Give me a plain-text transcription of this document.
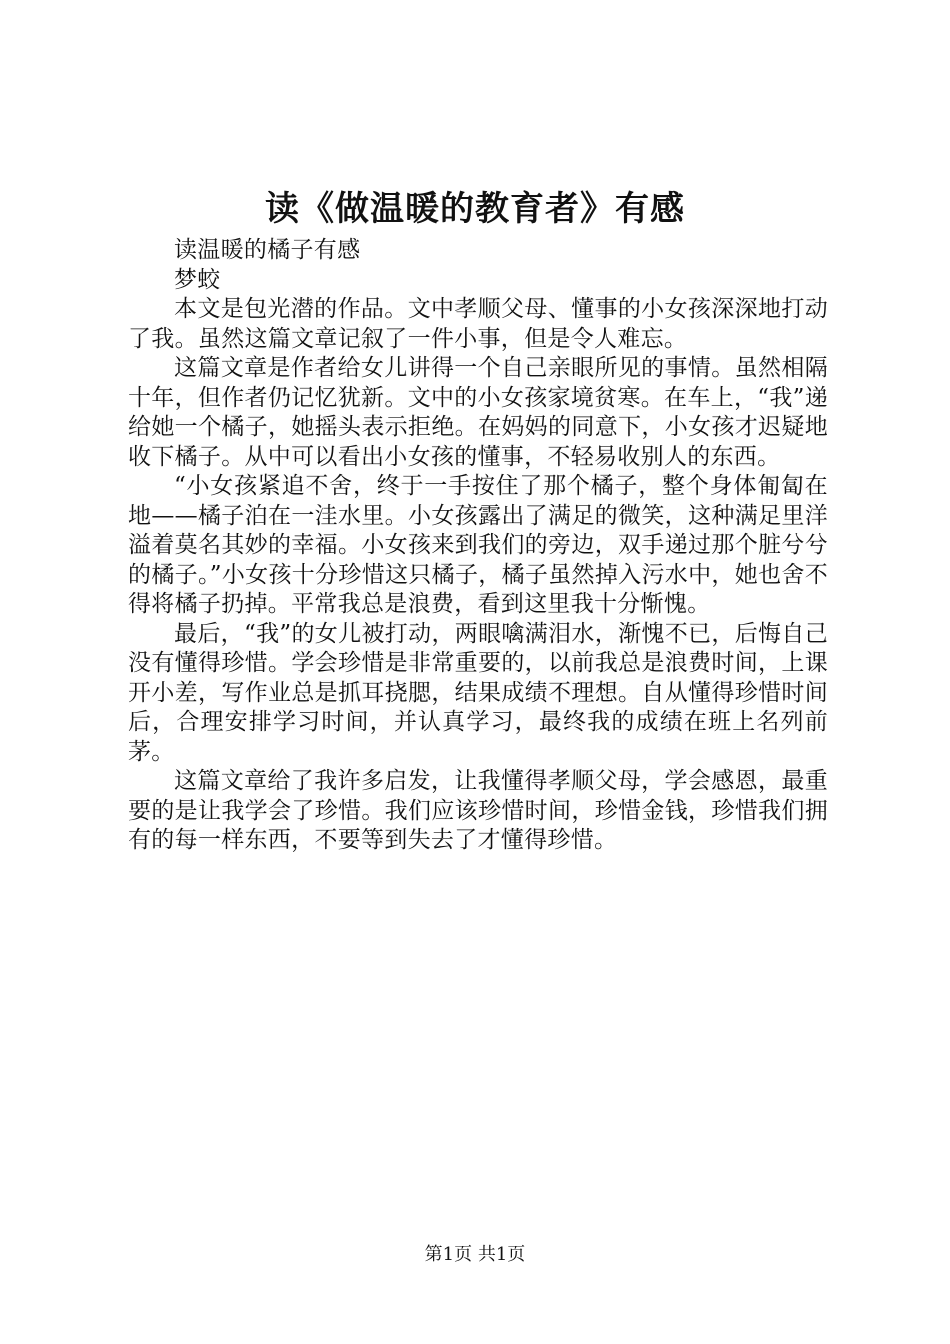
读《做温暖的教育者》有感

读温暖的橘子有感

梦蛟

本文是包光潜的作品。文中孝顺父母、懂事的小女孩深深地打动了我。虽然这篇文章记叙了一件小事，但是令人难忘。

这篇文章是作者给女儿讲得一个自己亲眼所见的事情。虽然相隔十年，但作者仍记忆犹新。文中的小女孩家境贫寒。在车上，“我”递给她一个橘子，她摇头表示拒绝。在妈妈的同意下，小女孩才迟疑地收下橘子。从中可以看出小女孩的懂事，不轻易收别人的东西。

“小女孩紧追不舍，终于一手按住了那个橘子，整个身体匍匐在地——橘子泊在一洼水里。小女孩露出了满足的微笑，这种满足里洋溢着莫名其妙的幸福。小女孩来到我们的旁边，双手递过那个脏兮兮的橘子。”小女孩十分珍惜这只橘子，橘子虽然掉入污水中，她也舍不得将橘子扔掉。平常我总是浪费，看到这里我十分惭愧。

最后，“我”的女儿被打动，两眼噙满泪水，渐愧不已，后悔自己没有懂得珍惜。学会珍惜是非常重要的，以前我总是浪费时间，上课开小差，写作业总是抓耳挠腮，结果成绩不理想。自从懂得珍惜时间后，合理安排学习时间，并认真学习，最终我的成绩在班上名列前茅。

这篇文章给了我许多启发，让我懂得孝顺父母，学会感恩，最重要的是让我学会了珍惜。我们应该珍惜时间，珍惜金钱，珍惜我们拥有的每一样东西，不要等到失去了才懂得珍惜。

第1页 共1页
